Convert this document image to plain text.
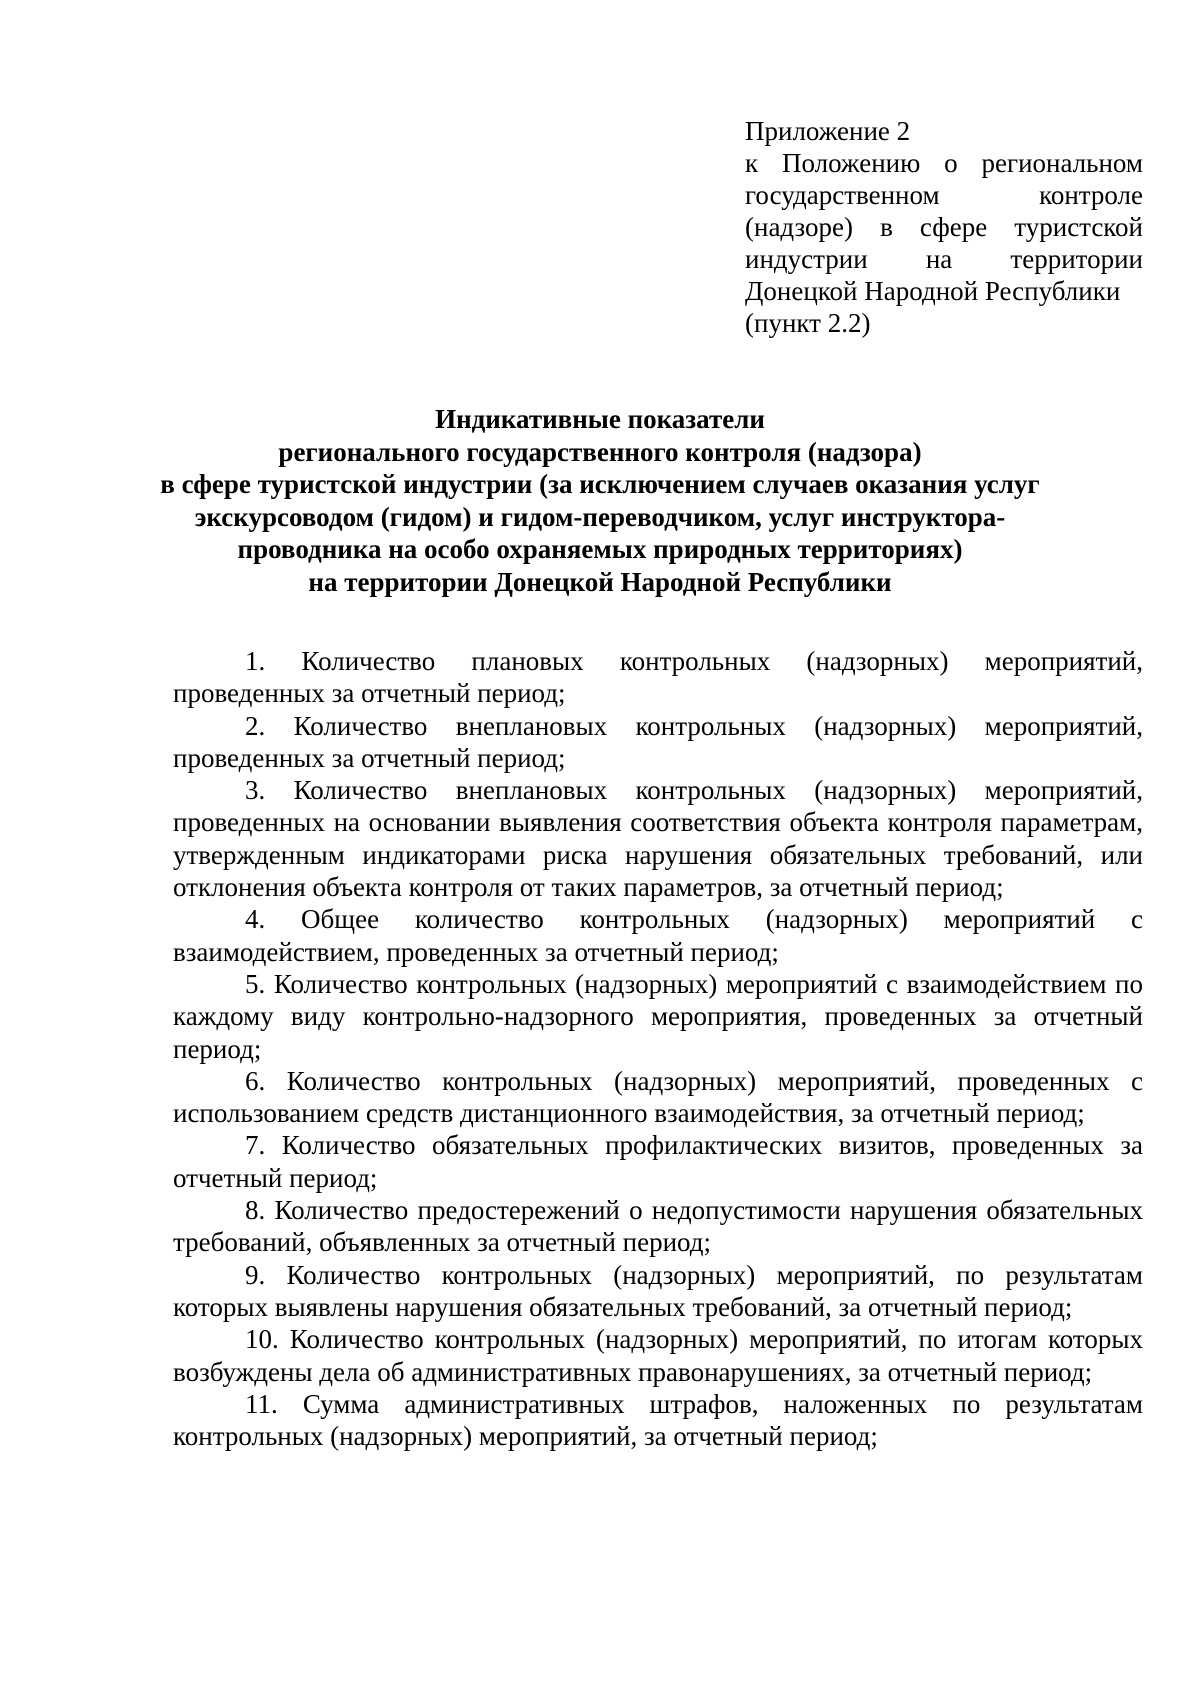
Приложение 2
к Положению о региональном
государственном контроле
(надзоре) в сфере туристской
индустрии на территории
Донецкой Народной Республики
(пункт 2.2)
Индикативные показатели
регионального государственного контроля (надзора)
в сфере туристской индустрии (за исключением случаев оказания услуг
экскурсоводом (гидом) и гидом-переводчиком, услуг инструктора-
проводника на особо охраняемых природных территориях)
на территории Донецкой Народной Республики

1. Количество плановых контрольных (надзорных) мероприятий, проведенных за отчетный период;

2. Количество внеплановых контрольных (надзорных) мероприятий, проведенных за отчетный период;

3. Количество внеплановых контрольных (надзорных) мероприятий, проведенных на основании выявления соответствия объекта контроля параметрам, утвержденным индикаторами риска нарушения обязательных требований, или отклонения объекта контроля от таких параметров, за отчетный период;

4. Общее количество контрольных (надзорных) мероприятий с взаимодействием, проведенных за отчетный период;

5. Количество контрольных (надзорных) мероприятий с взаимодействием по каждому виду контрольно-надзорного мероприятия, проведенных за отчетный период;

6. Количество контрольных (надзорных) мероприятий, проведенных с использованием средств дистанционного взаимодействия, за отчетный период;

7. Количество обязательных профилактических визитов, проведенных за отчетный период;

8. Количество предостережений о недопустимости нарушения обязательных требований, объявленных за отчетный период;

9. Количество контрольных (надзорных) мероприятий, по результатам которых выявлены нарушения обязательных требований, за отчетный период;

10. Количество контрольных (надзорных) мероприятий, по итогам которых возбуждены дела об административных правонарушениях, за отчетный период;

11. Сумма административных штрафов, наложенных по результатам контрольных (надзорных) мероприятий, за отчетный период;
